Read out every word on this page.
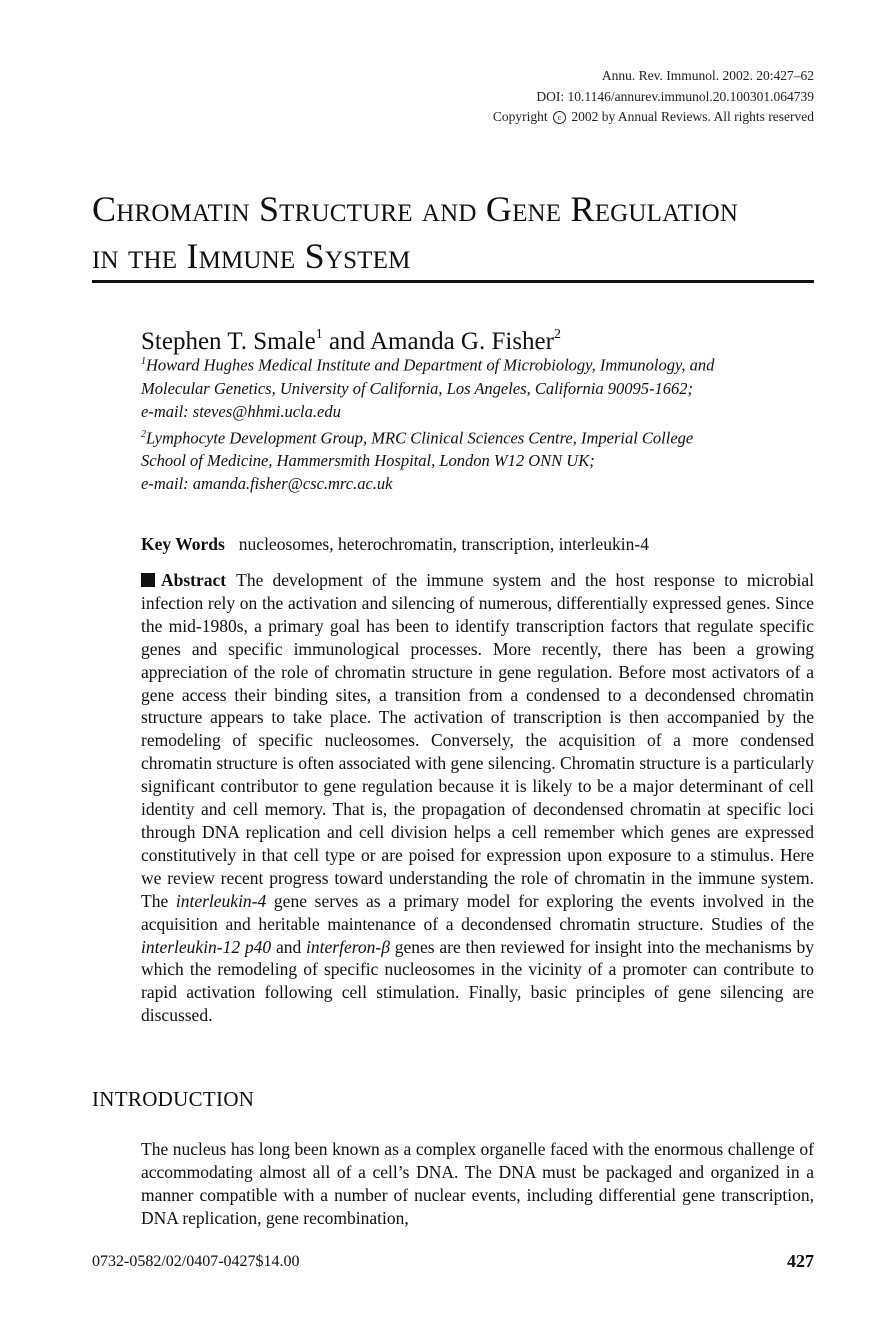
Annu. Rev. Immunol. 2002. 20:427–62
DOI: 10.1146/annurev.immunol.20.100301.064739
Copyright c 2002 by Annual Reviews. All rights reserved
Chromatin Structure and Gene Regulation
in the Immune System
Stephen T. Smale$^1$ and Amanda G. Fisher$^2$
$^1$Howard Hughes Medical Institute and Department of Microbiology, Immunology, and
Molecular Genetics, University of California, Los Angeles, California 90095-1662;
e-mail: steves@hhmi.ucla.edu
$^2$Lymphocyte Development Group, MRC Clinical Sciences Centre, Imperial College
School of Medicine, Hammersmith Hospital, London W12 ONN UK;
e-mail: amanda.fisher@csc.mrc.ac.uk
Key Words nucleosomes, heterochromatin, transcription, interleukin-4
Abstract The development of the immune system and the host response to microbial infection rely on the activation and silencing of numerous, differentially expressed genes. Since the mid-1980s, a primary goal has been to identify transcription factors that regulate specific genes and specific immunological processes. More recently, there has been a growing appreciation of the role of chromatin structure in gene regulation. Before most activators of a gene access their binding sites, a transition from a condensed to a decondensed chromatin structure appears to take place. The activation of transcription is then accompanied by the remodeling of specific nucleosomes. Conversely, the acquisition of a more condensed chromatin structure is often associated with gene silencing. Chromatin structure is a particularly significant contributor to gene regulation because it is likely to be a major determinant of cell identity and cell memory. That is, the propagation of decondensed chromatin at specific loci through DNA replication and cell division helps a cell remember which genes are expressed constitutively in that cell type or are poised for expression upon exposure to a stimulus. Here we review recent progress toward understanding the role of chromatin in the immune system. The interleukin-4 gene serves as a primary model for exploring the events involved in the acquisition and heritable maintenance of a decondensed chromatin structure. Studies of the interleukin-12 p40 and interferon-β genes are then reviewed for insight into the mechanisms by which the remodeling of specific nucleosomes in the vicinity of a promoter can contribute to rapid activation following cell stimulation. Finally, basic principles of gene silencing are discussed.
INTRODUCTION
The nucleus has long been known as a complex organelle faced with the enormous challenge of accommodating almost all of a cell’s DNA. The DNA must be packaged and organized in a manner compatible with a number of nuclear events, including differential gene transcription, DNA replication, gene recombination,
0732-0582/02/0407-0427$14.00	427
